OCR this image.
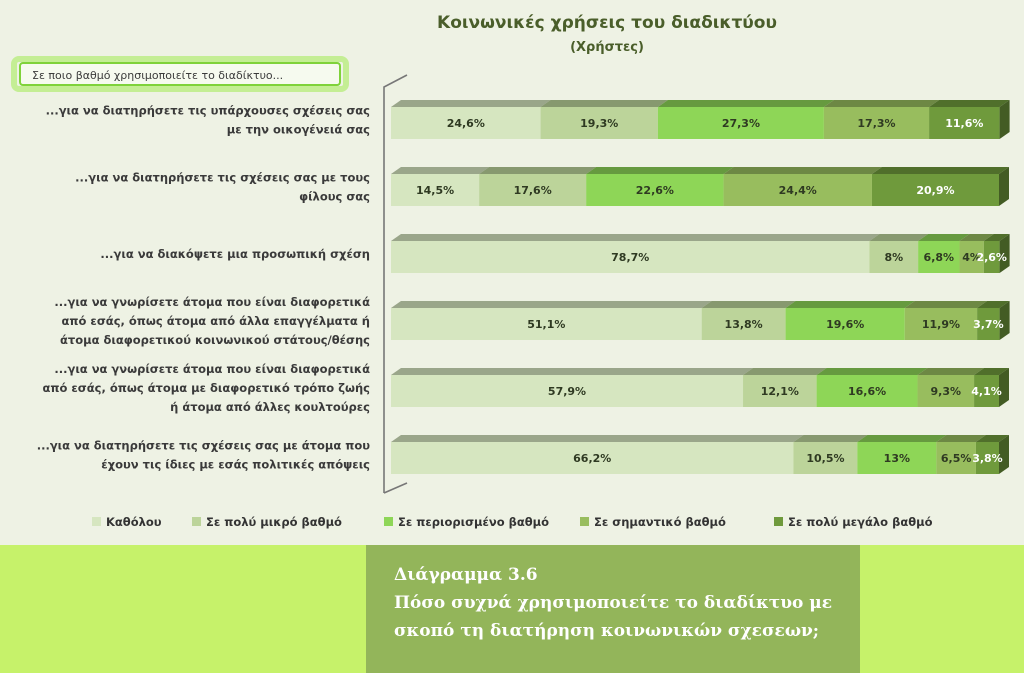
Κοινωνικές χρήσεις του διαδικτύου
(Χρήστες)
Σε ποιο βαθμό χρησιμοποιείτε το διαδίκτυο...
24,6%	19,3%	27,3%	17,3%	11,6%
...για να διατηρήσετε τις υπάρχουσες σχέσεις σας
με την οικογένειά σας
14,5%	17,6%	22,6%	24,4%	20,9%
...για να διατηρήσετε τις σχέσεις σας με τους
φίλους σας
78,7%	8% 6,8% 4%
2,6%
...για να διακόψετε μια προσωπική σχέση
51,1%	13,8%	19,6%	11,9% 3,7%
...για να γνωρίσετε άτομα που είναι διαφορετικά
από εσάς, όπως άτομα από άλλα επαγγέλματα ή
άτομα διαφορετικού κοινωνικού στάτους/θέσης
57,9%	12,1%	16,6%	9,3% 4,1%
...για να γνωρίσετε άτομα που είναι διαφορετικά
από εσάς, όπως άτομα με διαφορετικό τρόπο ζωής
ή άτομα από άλλες κουλτούρες
66,2%	10,5%	13%	6,5% 3,8%
...για να διατηρήσετε τις σχέσεις σας με άτομα που
έχουν τις ίδιες με εσάς πολιτικές απόψεις
Καθόλου	Σε πολύ μικρό βαθμό	Σε περιορισμένο βαθμό	Σε σημαντικό βαθμό	Σε πολύ μεγάλο βαθμό
Διάγραμμα 3.6
Πόσο συχνά χρησιμοποιείτε το διαδίκτυο με
σκοπό τη διατήρηση κοινωνικών σχεσεων;
